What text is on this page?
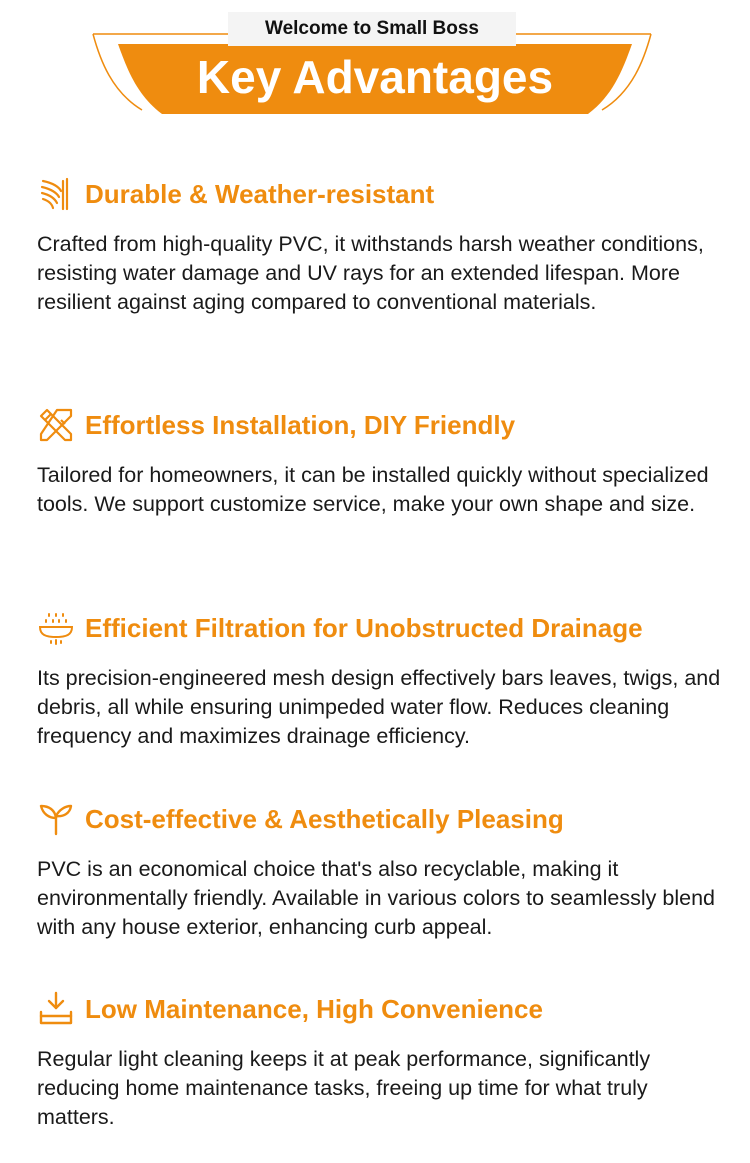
Welcome to Small Boss
Key Advantages
Durable & Weather-resistant
Crafted from high-quality PVC, it withstands harsh weather conditions, resisting water damage and UV rays for an extended lifespan. More resilient against aging compared to conventional materials.
Effortless Installation, DIY Friendly
Tailored for homeowners, it can be installed quickly without specialized tools. We support customize service, make your own shape and size.
Efficient Filtration for Unobstructed Drainage
Its precision-engineered mesh design effectively bars leaves, twigs, and debris, all while ensuring unimpeded water flow. Reduces cleaning frequency and maximizes drainage efficiency.
Cost-effective & Aesthetically Pleasing
PVC is an economical choice that's also recyclable, making it environmentally friendly. Available in various colors to seamlessly blend with any house exterior, enhancing curb appeal.
Low Maintenance, High Convenience
Regular light cleaning keeps it at peak performance, significantly reducing home maintenance tasks, freeing up time for what truly matters.
